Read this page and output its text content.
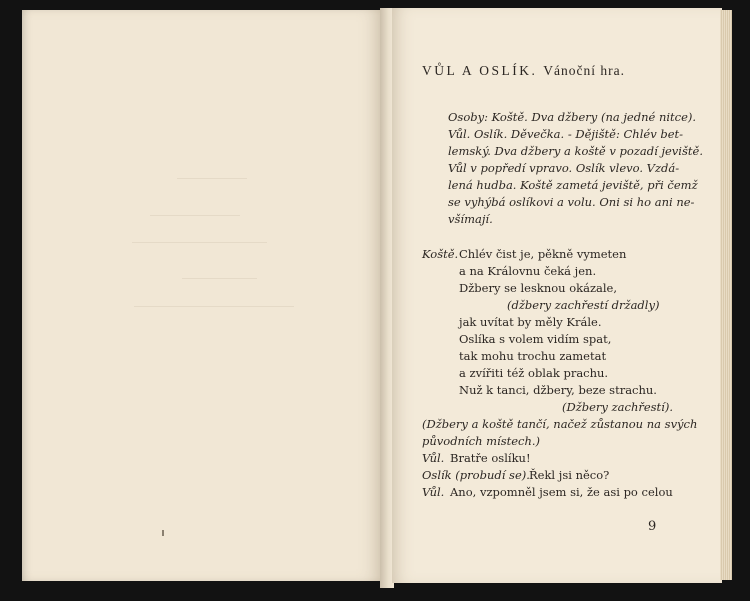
VŮL A OSLÍK. Vánoční hra.
Osoby: Koště. Dva džbery (na jedné nitce).
Vůl. Oslík. Děvečka. - Dějiště: Chlév bet-
lemský. Dva džbery a koště v pozadí jeviště.
Vůl v popředí vpravo. Oslík vlevo. Vzdá-
lená hudba. Koště zametá jeviště, při čemž
se vyhýbá oslíkovi a volu. Oni si ho ani ne-
všímají.
Koště. Chlév čist je, pěkně vymeten
a na Královnu čeká jen.
Džbery se lesknou okázale,
(džbery zachřestí držadly)
jak uvítat by měly Krále.
Oslíka s volem vidím spat,
tak mohu trochu zametat
a zvířiti též oblak prachu.
Nuž k tanci, džbery, beze strachu.
(Džbery zachřestí).
(Džbery a koště tančí, načež zůstanou na svých
původních místech.)
Vůl. Bratře oslíku!
Oslík (probudí se). Řekl jsi něco?
Vůl. Ano, vzpomněl jsem si, že asi po celou
9
